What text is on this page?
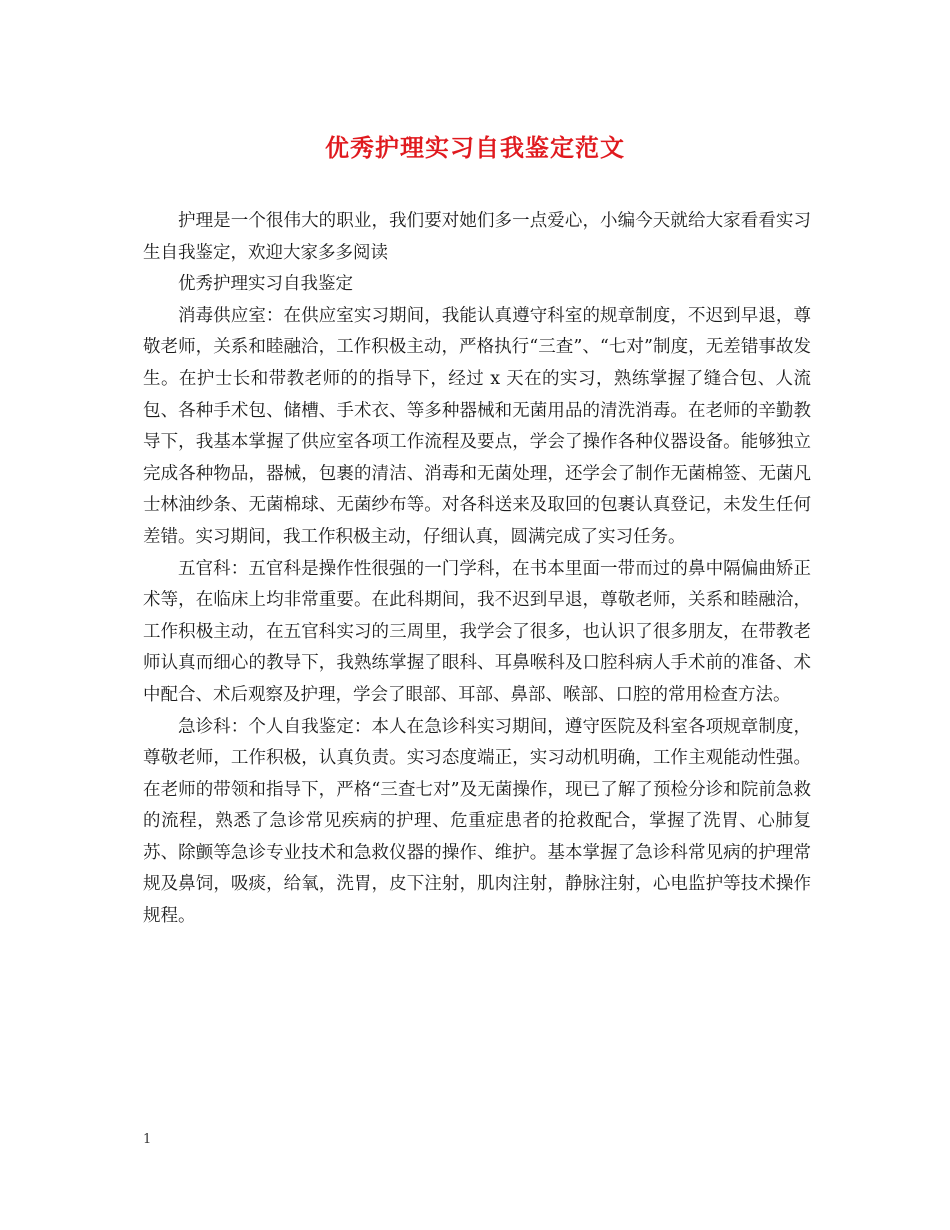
优秀护理实习自我鉴定范文

护理是一个很伟大的职业，我们要对她们多一点爱心，小编今天就给大家看看实习生自我鉴定，欢迎大家多多阅读

优秀护理实习自我鉴定

消毒供应室：在供应室实习期间，我能认真遵守科室的规章制度，不迟到早退，尊敬老师，关系和睦融洽，工作积极主动，严格执行“三查”、“七对”制度，无差错事故发生。在护士长和带教老师的的指导下，经过 x 天在的实习，熟练掌握了缝合包、人流包、各种手术包、储槽、手术衣、等多种器械和无菌用品的清洗消毒。在老师的辛勤教导下，我基本掌握了供应室各项工作流程及要点，学会了操作各种仪器设备。能够独立完成各种物品，器械，包裹的清洁、消毒和无菌处理，还学会了制作无菌棉签、无菌凡士林油纱条、无菌棉球、无菌纱布等。对各科送来及取回的包裹认真登记，未发生任何差错。实习期间，我工作积极主动，仔细认真，圆满完成了实习任务。

五官科：五官科是操作性很强的一门学科，在书本里面一带而过的鼻中隔偏曲矫正术等，在临床上均非常重要。在此科期间，我不迟到早退，尊敬老师，关系和睦融洽，工作积极主动，在五官科实习的三周里，我学会了很多，也认识了很多朋友，在带教老师认真而细心的教导下，我熟练掌握了眼科、耳鼻喉科及口腔科病人手术前的准备、术中配合、术后观察及护理，学会了眼部、耳部、鼻部、喉部、口腔的常用检查方法。

急诊科：个人自我鉴定：本人在急诊科实习期间，遵守医院及科室各项规章制度，尊敬老师，工作积极，认真负责。实习态度端正，实习动机明确，工作主观能动性强。在老师的带领和指导下，严格“三查七对”及无菌操作，现已了解了预检分诊和院前急救的流程，熟悉了急诊常见疾病的护理、危重症患者的抢救配合，掌握了洗胃、心肺复苏、除颤等急诊专业技术和急救仪器的操作、维护。基本掌握了急诊科常见病的护理常规及鼻饲，吸痰，给氧，洗胃，皮下注射，肌肉注射，静脉注射，心电监护等技术操作规程。

1
